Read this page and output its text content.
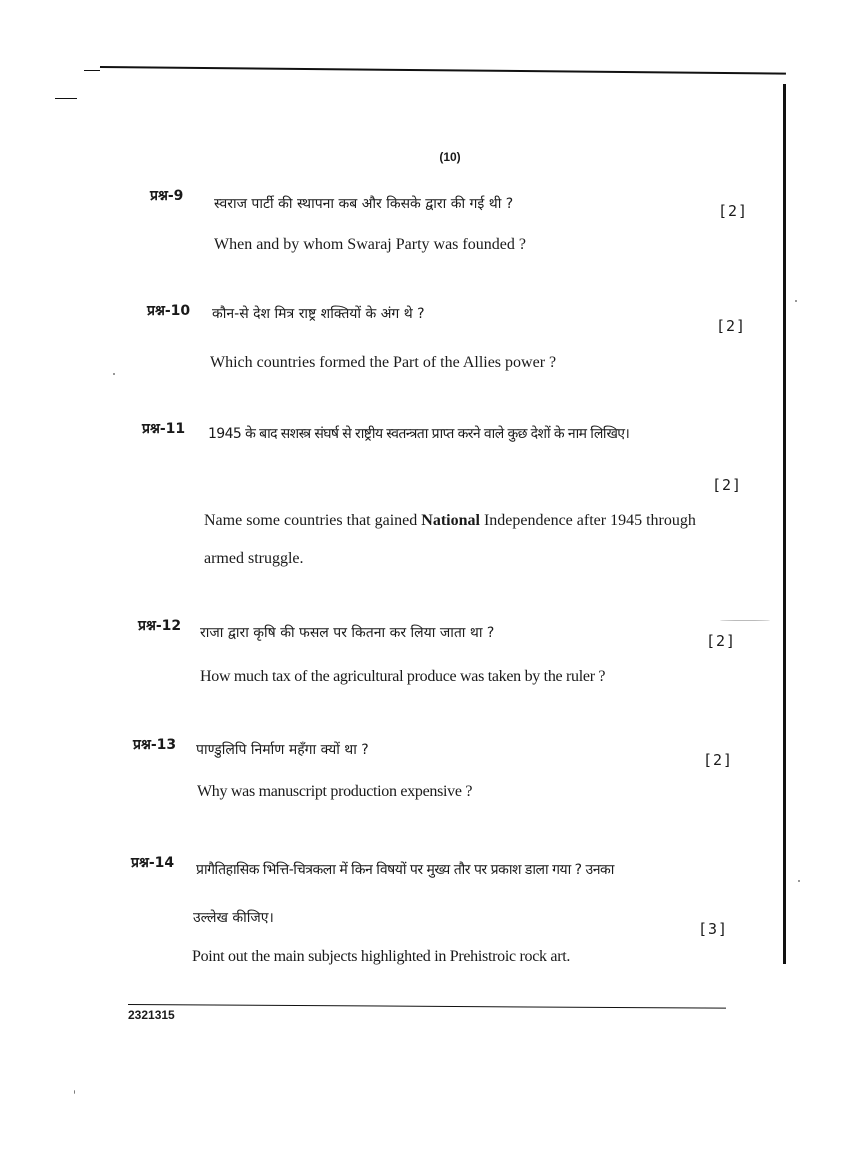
(10)
प्रश्न-9 स्वराज पार्टी की स्थापना कब और किसके द्वारा की गई थी ?	[2]
When and by whom Swaraj Party was founded ?
प्रश्न-10 कौन-से देश मित्र राष्ट्र शक्तियों के अंग थे ?
[2]
Which countries formed the Part of the Allies power ?
प्रश्न-11 1945 के बाद सशस्त्र संघर्ष से राष्ट्रीय स्वतन्त्रता प्राप्त करने वाले कुछ देशों के नाम लिखिए।
[2]
Name some countries that gained National Independence after 1945 through
armed struggle.
प्रश्न-12 राजा द्वारा कृषि की फसल पर कितना कर लिया जाता था ?	[2]
How much tax of the agricultural produce was taken by the ruler ?
प्रश्न-13 पाण्डुलिपि निर्माण महँगा क्यों था ?
[2]
Why was manuscript production expensive ?
प्रश्न-14 प्रागैतिहासिक भित्ति-चित्रकला में किन विषयों पर मुख्य तौर पर प्रकाश डाला गया ? उनका
उल्लेख कीजिए।
[3]
Point out the main subjects highlighted in Prehistroic rock art.
2321315
